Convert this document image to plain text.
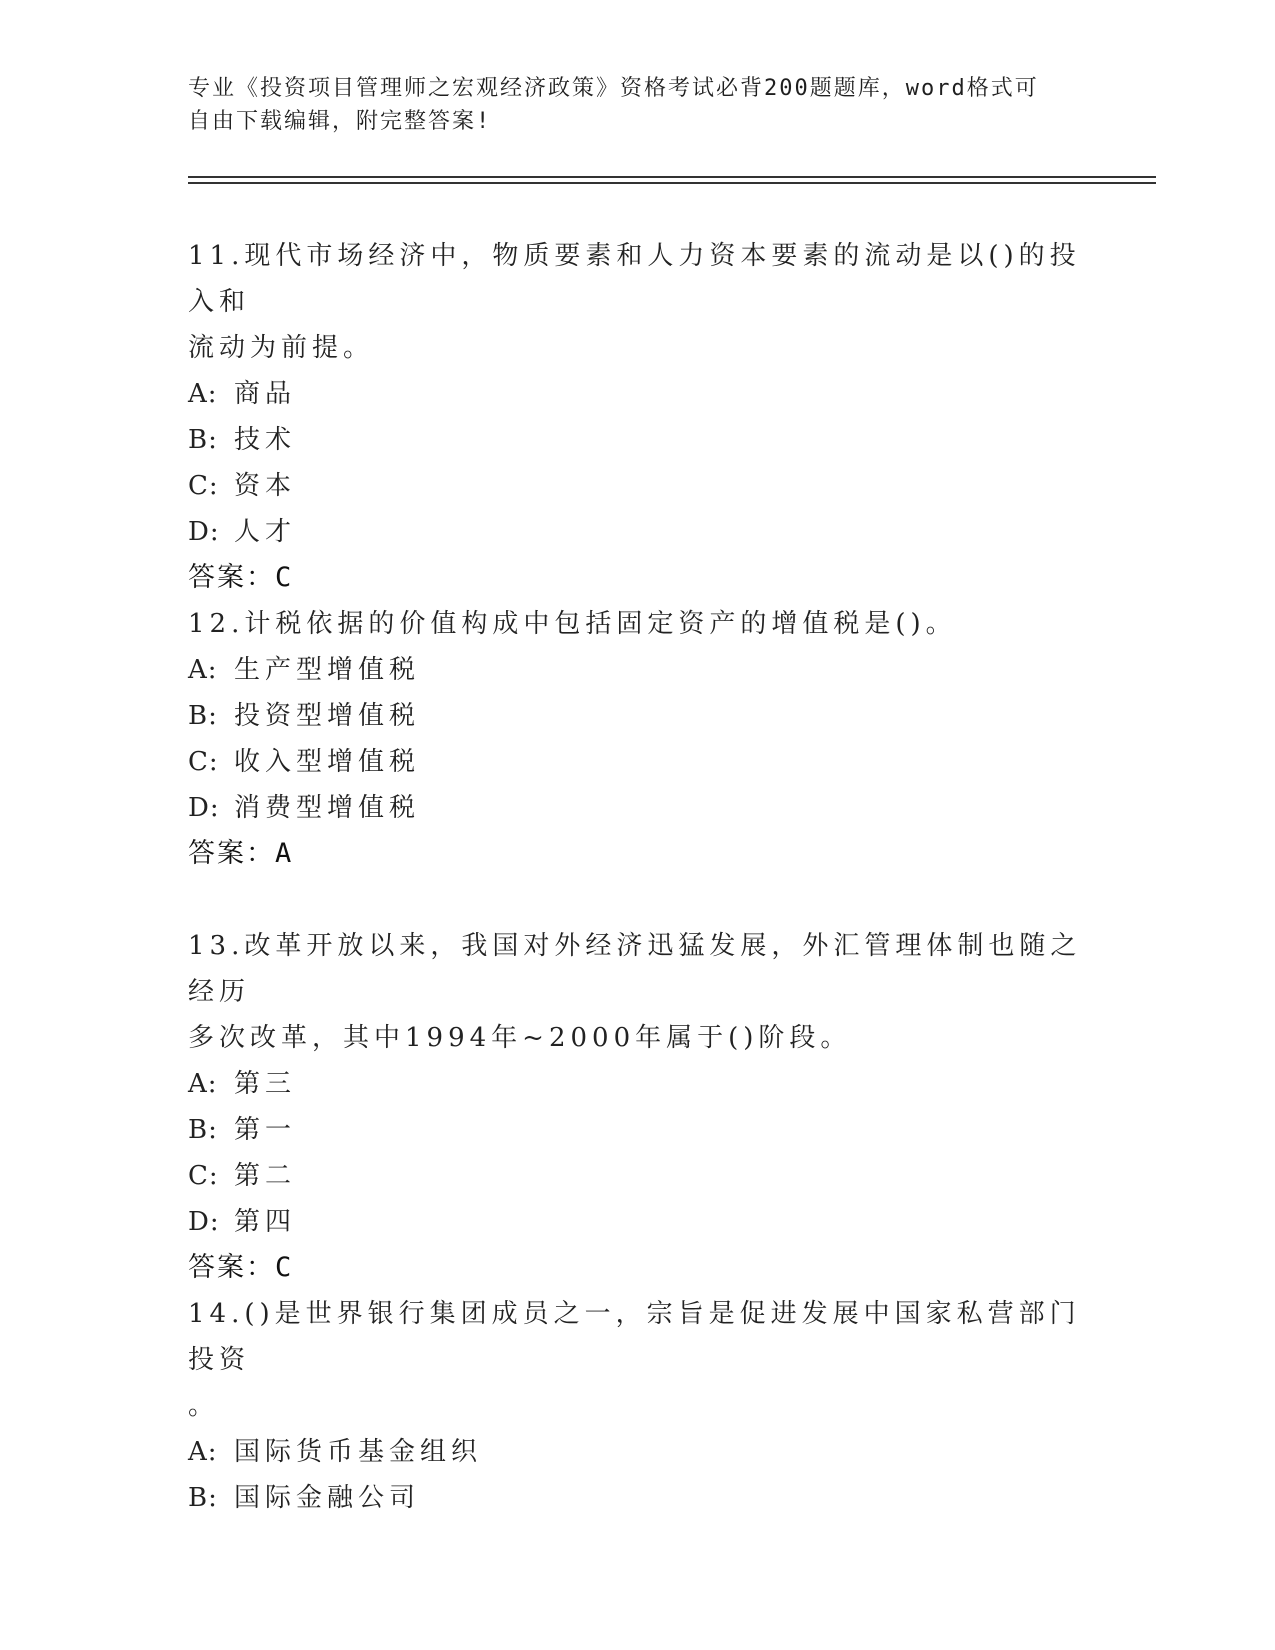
专业《投资项目管理师之宏观经济政策》资格考试必背200题题库，word格式可
自由下载编辑，附完整答案!

11.现代市场经济中，物质要素和人力资本要素的流动是以()的投入和

流动为前提。

A: 商品

B: 技术

C: 资本

D: 人才

答案：C

12.计税依据的价值构成中包括固定资产的增值税是()。

A: 生产型增值税

B: 投资型增值税

C: 收入型增值税

D: 消费型增值税

答案：A

13.改革开放以来，我国对外经济迅猛发展，外汇管理体制也随之经历

多次改革，其中1994年~2000年属于()阶段。

A: 第三

B: 第一

C: 第二

D: 第四

答案：C

14.()是世界银行集团成员之一，宗旨是促进发展中国家私营部门投资

。

A: 国际货币基金组织

B: 国际金融公司
